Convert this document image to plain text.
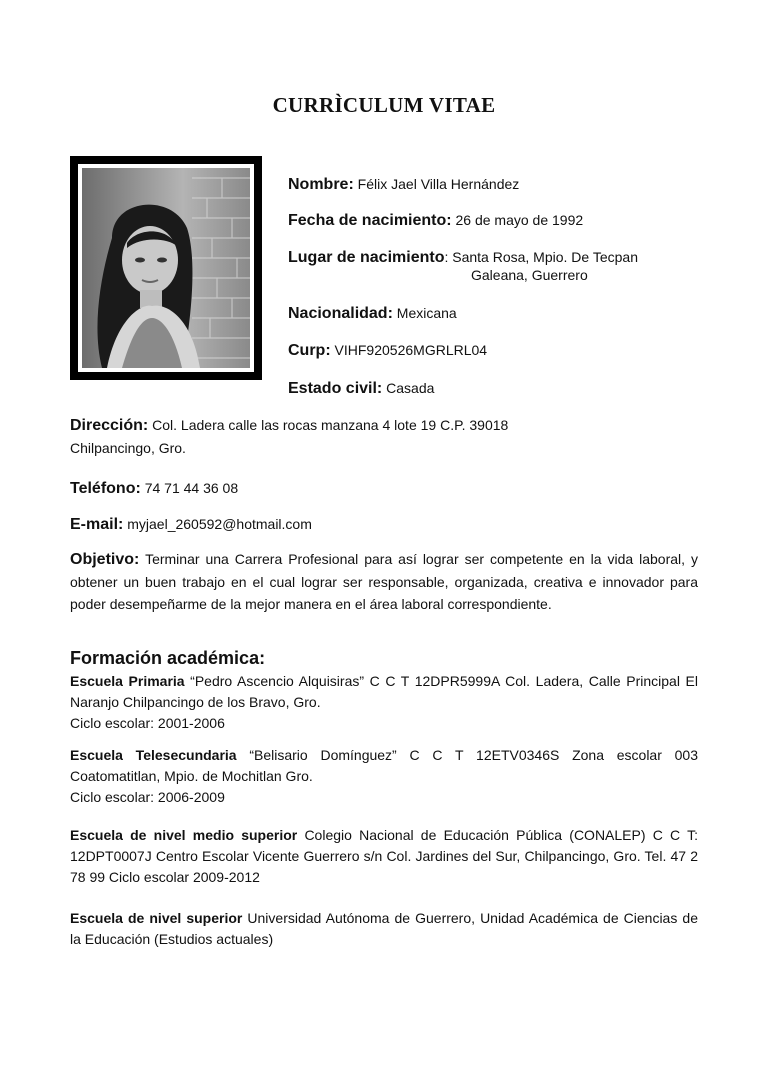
CURRÌCULUM VITAE
Nombre: Félix Jael Villa Hernández
Fecha de nacimiento: 26 de mayo de 1992
Lugar de nacimiento: Santa Rosa, Mpio. De Tecpan
Galeana, Guerrero
Nacionalidad: Mexicana
Curp: VIHF920526MGRLRL04
Estado civil: Casada
Dirección: Col. Ladera calle las rocas manzana 4 lote 19 C.P. 39018
Chilpancingo, Gro.
Teléfono: 74 71 44 36 08
E-mail: myjael_260592@hotmail.com
Objetivo: Terminar una Carrera Profesional para así lograr ser competente en la vida laboral, y obtener un buen trabajo en el cual lograr ser responsable, organizada, creativa e innovador para poder desempeñarme de la mejor manera en el área laboral correspondiente.
Formación académica:
Escuela Primaria “Pedro Ascencio Alquisiras” C C T 12DPR5999A Col. Ladera, Calle Principal El Naranjo Chilpancingo de los Bravo, Gro.
Ciclo escolar: 2001-2006
Escuela Telesecundaria “Belisario Domínguez” C C T 12ETV0346S Zona escolar 003 Coatomatitlan, Mpio. de Mochitlan Gro.
Ciclo escolar: 2006-2009
Escuela de nivel medio superior Colegio Nacional de Educación Pública (CONALEP) C C T: 12DPT0007J Centro Escolar Vicente Guerrero s/n Col. Jardines del Sur, Chilpancingo, Gro. Tel. 47 2 78 99 Ciclo escolar 2009-2012
Escuela de nivel superior Universidad Autónoma de Guerrero, Unidad Académica de Ciencias de la Educación (Estudios actuales)
